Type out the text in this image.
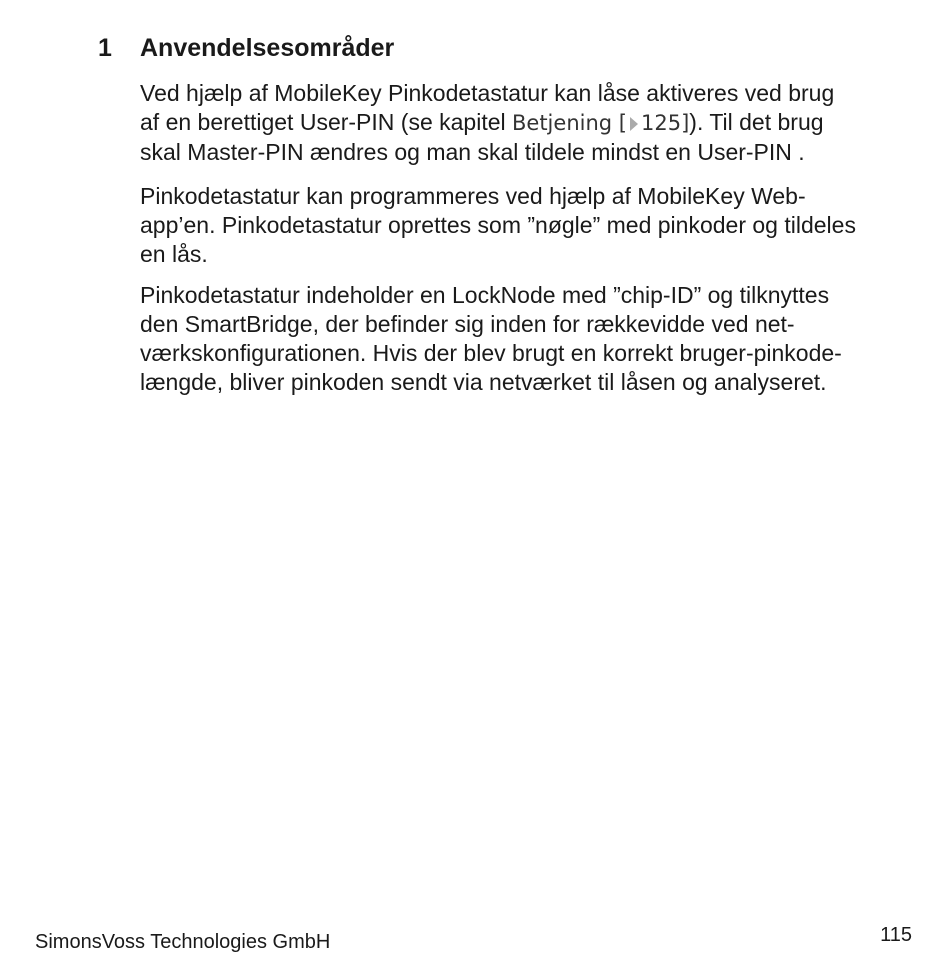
1 Anvendelsesområder
Ved hjælp af MobileKey Pinkodetastatur kan låse aktiveres ved brug
af en berettiget User-PIN (se kapitel Betjening [ 125]). Til det brug
skal Master-PIN ændres og man skal tildele mindst en User-PIN .
Pinkodetastatur kan programmeres ved hjælp af MobileKey Web-
app’en. Pinkodetastatur oprettes som ”nøgle” med pinkoder og tildeles
en lås.
Pinkodetastatur indeholder en LockNode med ”chip-ID” og tilknyttes
den SmartBridge, der befinder sig inden for rækkevidde ved net-
værkskonfigurationen. Hvis der blev brugt en korrekt bruger-pinkode-
længde, bliver pinkoden sendt via netværket til låsen og analyseret.
SimonsVoss Technologies GmbH	115
